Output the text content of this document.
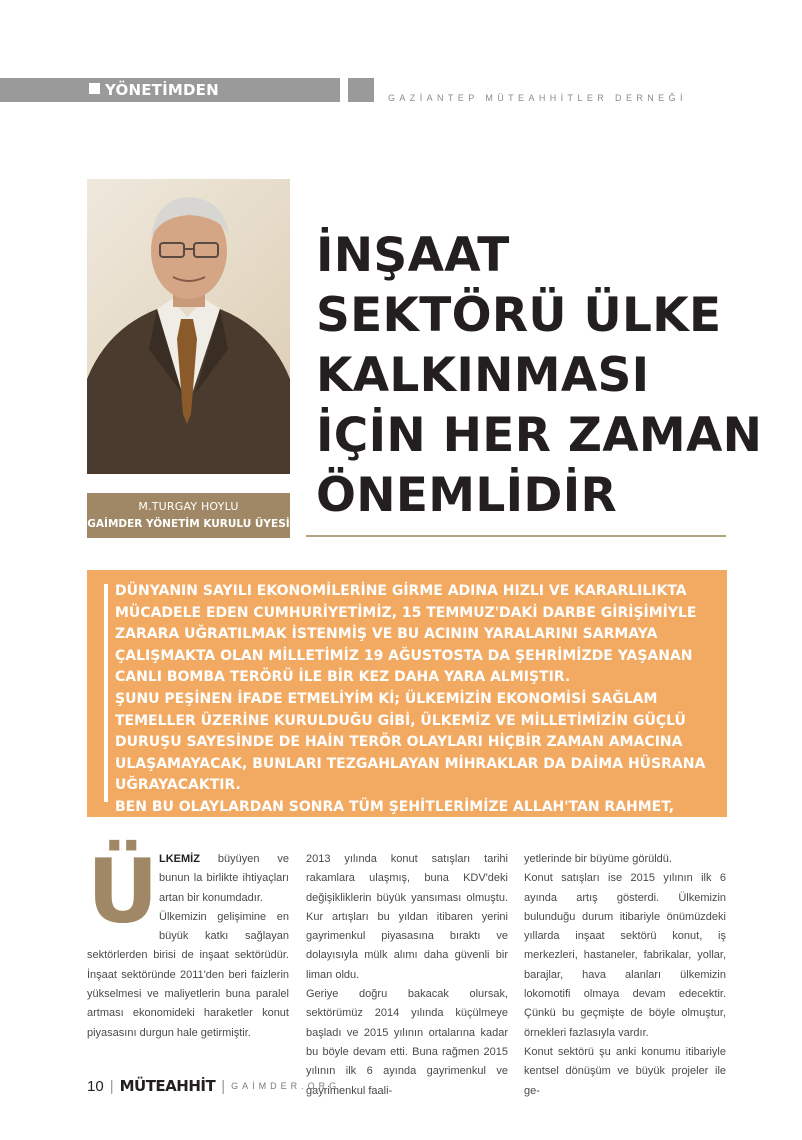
YÖNETİMDEN	GAZİANTEP MÜTEAHHİTLER DERNEĞİ
M.TURGAY HOYLU
GAİMDER YÖNETİM KURULU ÜYESİ
İNŞAAT
SEKTÖRÜ ÜLKE
KALKINMASI
İÇİN HER ZAMAN
ÖNEMLİDİR

DÜNYANIN SAYILI EKONOMİLERİNE GİRME ADINA HIZLI VE KARARLILIKTA MÜCADELE EDEN CUMHURİYETİMİZ, 15 TEMMUZ'DAKİ DARBE GİRİŞİMİYLE ZARARA UĞRATILMAK İSTENMİŞ VE BU ACININ YARALARINI SARMAYA ÇALIŞMAKTA OLAN MİLLETİMİZ 19 AĞUSTOSTA DA ŞEHRİMİZDE YAŞANAN CANLI BOMBA TERÖRÜ İLE BİR KEZ DAHA YARA ALMIŞTIR.

ŞUNU PEŞİNEN İFADE ETMELİYİM Kİ; ÜLKEMİZİN EKONOMİSİ SAĞLAM TEMELLER ÜZERİNE KURULDUĞU GİBİ, ÜLKEMİZ VE MİLLETİMİZİN GÜÇLÜ DURUŞU SAYESİNDE DE HAİN TERÖR OLAYLARI HİÇBİR ZAMAN AMACINA ULAŞAMAYACAK, BUNLARI TEZGAHLAYAN MİHRAKLAR DA DAİMA HÜSRANA UĞRAYACAKTIR.

BEN BU OLAYLARDAN SONRA TÜM ŞEHİTLERİMİZE ALLAH'TAN RAHMET, YARALILARA ŞİFA, AİLELERİNE DE SABIR DİLİYORUM.

Ü LKEMİZ büyüyen ve bunun la birlikte ihtiyaçları artan bir konumdadır.

Ülkemizin gelişimine en büyük katkı sağlayan sektörlerden birisi de inşaat sektörüdür. İnşaat sektöründe 2011'den beri faizlerin yükselmesi ve maliyetlerin buna paralel artması ekonomideki haraketler konut piyasasını durgun hale getirmiştir.

2013 yılında konut satışları tarihi rakamlara ulaşmış, buna KDV'deki değişikliklerin büyük yansıması olmuştu. Kur artışları bu yıldan itibaren yerini gayrimenkul piyasasına bıraktı ve dolayısıyla mülk alımı daha güvenli bir liman oldu.

Geriye doğru bakacak olursak, sektörümüz 2014 yılında küçülmeye başladı ve 2015 yılının ortalarına kadar bu böyle devam etti. Buna rağmen 2015 yılının ilk 6 ayında gayrimenkul ve gayrimenkul faali-

yetlerinde bir büyüme görüldü.

Konut satışları ise 2015 yılının ilk 6 ayında artış gösterdi. Ülkemizin bulunduğu durum itibariyle önümüzdeki yıllarda inşaat sektörü konut, iş merkezleri, hastaneler, fabrikalar, yollar, barajlar, hava alanları ülkemizin lokomotifi olmaya devam edecektir. Çünkü bu geçmişte de böyle olmuştur, örnekleri fazlasıyla vardır.

Konut sektörü şu anki konumu itibariyle kentsel dönüşüm ve büyük projeler ile ge-

10 | MÜTEAHHİT | GAİMDER.ORG
